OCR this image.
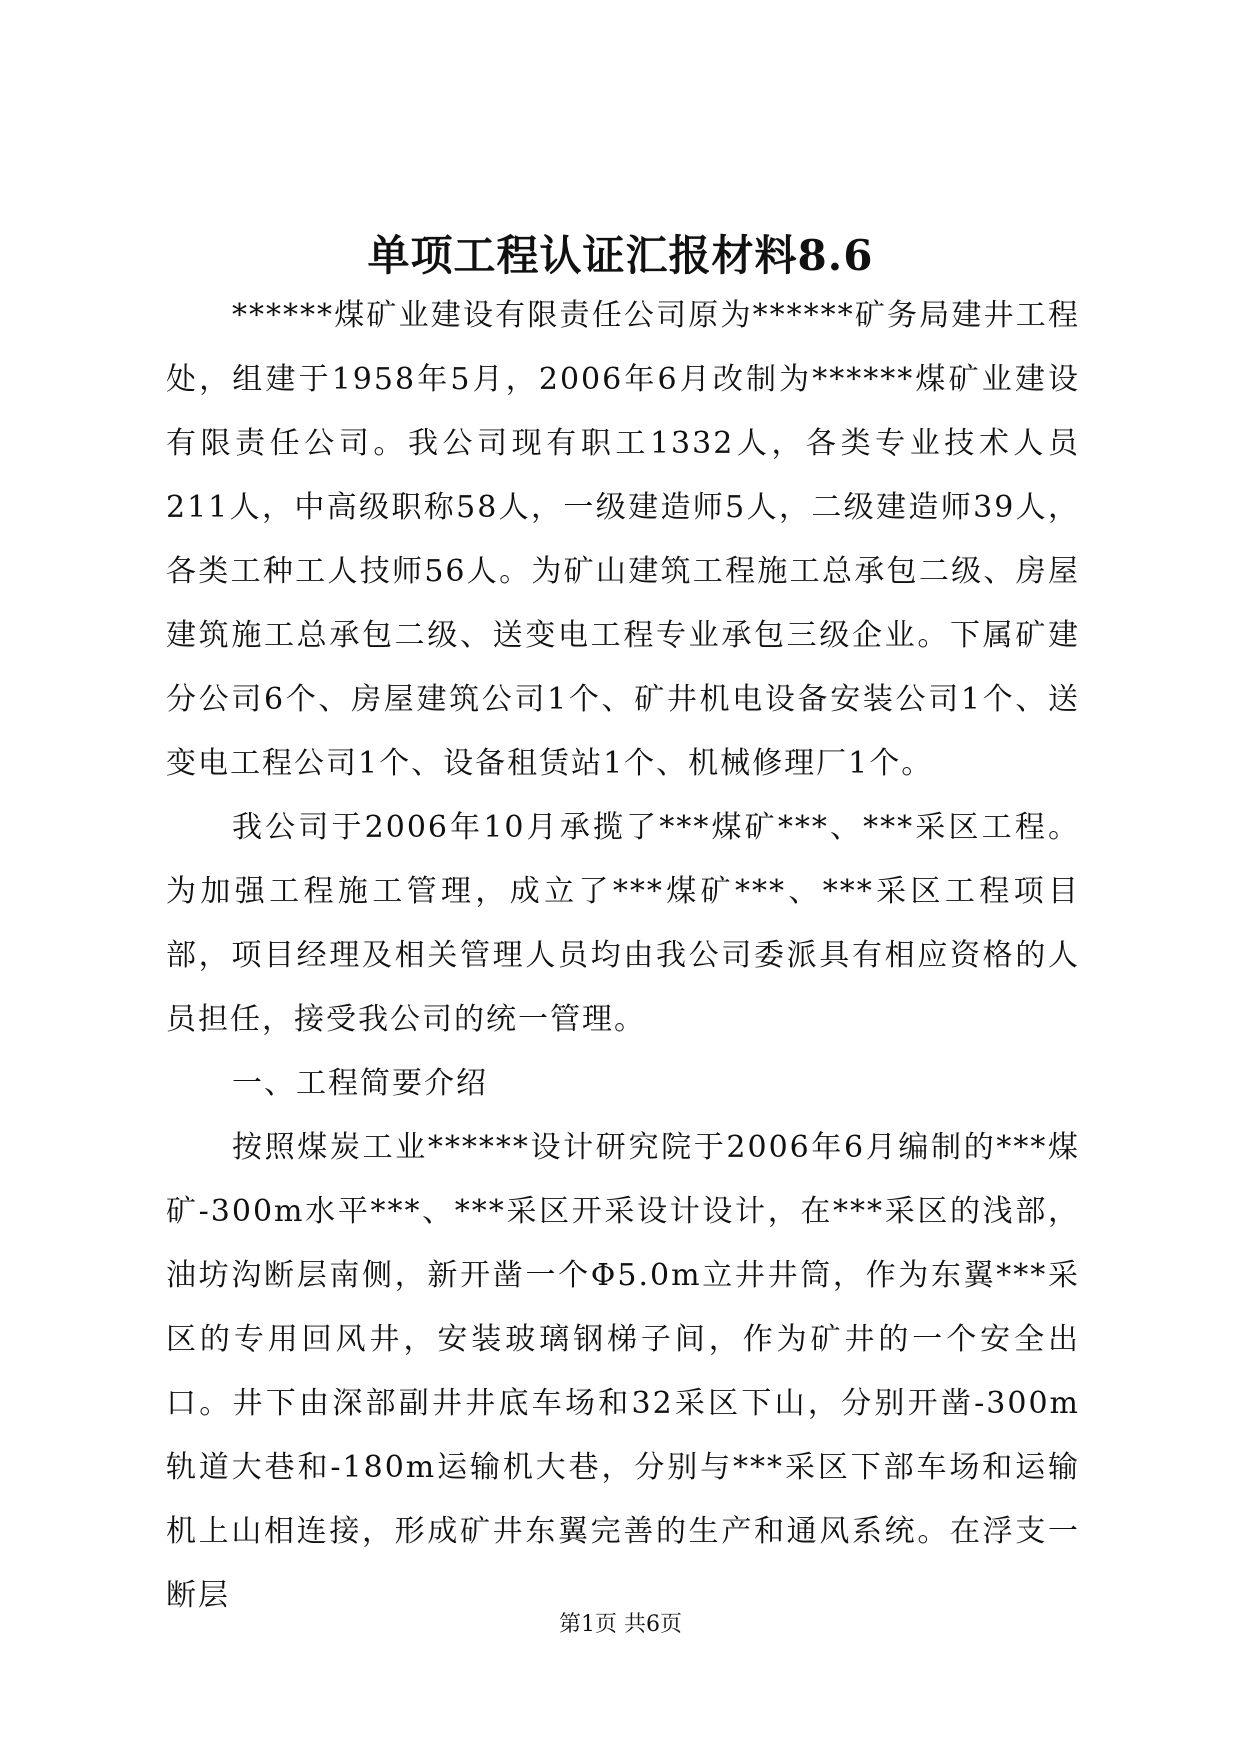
单项工程认证汇报材料8.6

******煤矿业建设有限责任公司原为******矿务局建井工程处，组建于1958年5月，2006年6月改制为******煤矿业建设有限责任公司。我公司现有职工1332人，各类专业技术人员211人，中高级职称58人，一级建造师5人，二级建造师39人，各类工种工人技师56人。为矿山建筑工程施工总承包二级、房屋建筑施工总承包二级、送变电工程专业承包三级企业。下属矿建分公司6个、房屋建筑公司1个、矿井机电设备安装公司1个、送变电工程公司1个、设备租赁站1个、机械修理厂1个。

我公司于2006年10月承揽了***煤矿***、***采区工程。为加强工程施工管理，成立了***煤矿***、***采区工程项目部，项目经理及相关管理人员均由我公司委派具有相应资格的人员担任，接受我公司的统一管理。

一、工程简要介绍

按照煤炭工业******设计研究院于2006年6月编制的***煤矿-300m水平***、***采区开采设计设计，在***采区的浅部，油坊沟断层南侧，新开凿一个Φ5.0m立井井筒，作为东翼***采区的专用回风井，安装玻璃钢梯子间，作为矿井的一个安全出口。井下由深部副井井底车场和32采区下山，分别开凿-300m轨道大巷和-180m运输机大巷，分别与***采区下部车场和运输机上山相连接，形成矿井东翼完善的生产和通风系统。在浮支一断层

第1页 共6页
